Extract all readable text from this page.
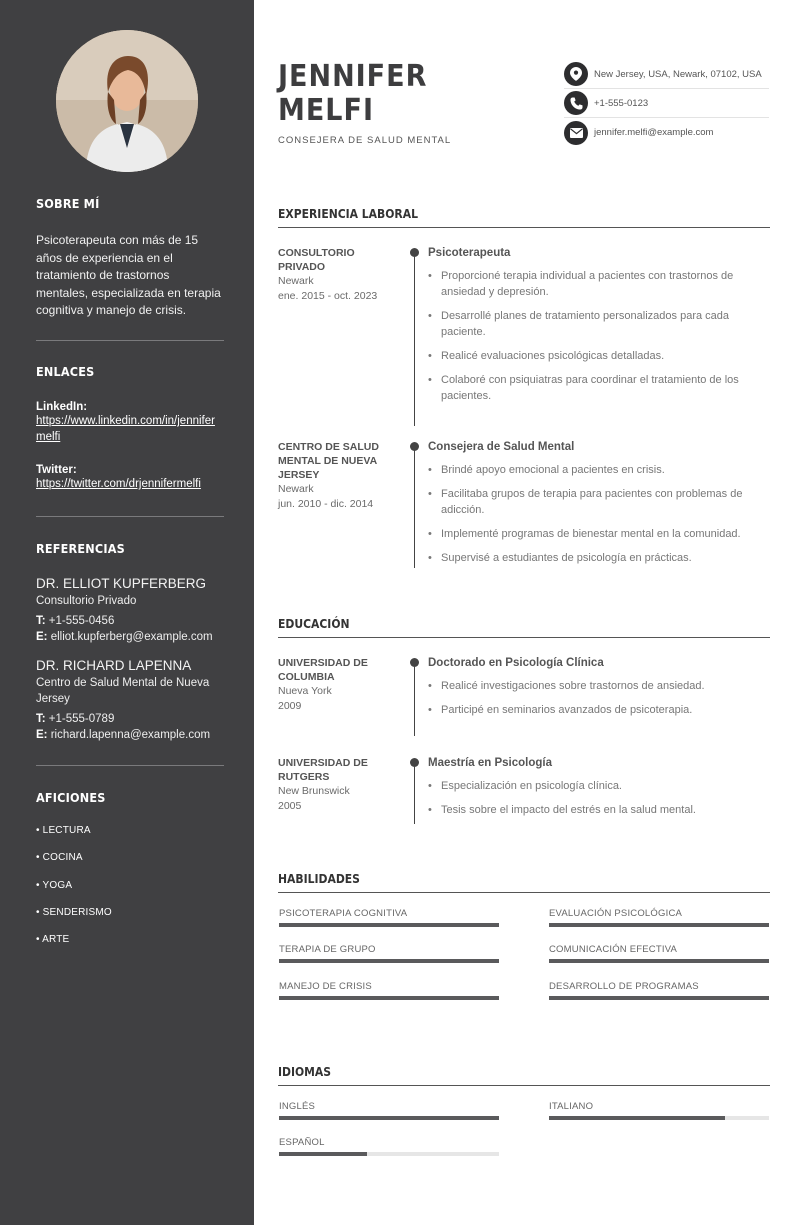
SOBRE MÍ
Psicoterapeuta con más de 15 años de experiencia en el tratamiento de trastornos mentales, especializada en terapia cognitiva y manejo de crisis.
ENLACES
LinkedIn:
https://www.linkedin.com/in/jennifermelfi
Twitter:
https://twitter.com/drjennifermelfi
REFERENCIAS
DR. ELLIOT KUPFERBERG
Consultorio Privado
T: +1-555-0456
E: elliot.kupferberg@example.com
DR. RICHARD LAPENNA
Centro de Salud Mental de Nueva Jersey
T: +1-555-0789
E: richard.lapenna@example.com
AFICIONES
• LECTURA
• COCINA
• YOGA
• SENDERISMO
• ARTE
JENNIFER
MELFI
CONSEJERA DE SALUD MENTAL
New Jersey, USA, Newark, 07102, USA
+1-555-0123
jennifer.melfi@example.com
EXPERIENCIA LABORAL
CONSULTORIO PRIVADO
Newark
ene. 2015 - oct. 2023
Psicoterapeuta
• Proporcioné terapia individual a pacientes con trastornos de ansiedad y depresión.
• Desarrollé planes de tratamiento personalizados para cada paciente.
• Realicé evaluaciones psicológicas detalladas.
• Colaboré con psiquiatras para coordinar el tratamiento de los pacientes.
CENTRO DE SALUD MENTAL DE NUEVA JERSEY
Newark
jun. 2010 - dic. 2014
Consejera de Salud Mental
• Brindé apoyo emocional a pacientes en crisis.
• Facilitaba grupos de terapia para pacientes con problemas de adicción.
• Implementé programas de bienestar mental en la comunidad.
• Supervisé a estudiantes de psicología en prácticas.
EDUCACIÓN
UNIVERSIDAD DE COLUMBIA
Nueva York
2009
Doctorado en Psicología Clínica
• Realicé investigaciones sobre trastornos de ansiedad.
• Participé en seminarios avanzados de psicoterapia.
UNIVERSIDAD DE RUTGERS
New Brunswick
2005
Maestría en Psicología
• Especialización en psicología clínica.
• Tesis sobre el impacto del estrés en la salud mental.
HABILIDADES
PSICOTERAPIA COGNITIVA	EVALUACIÓN PSICOLÓGICA
TERAPIA DE GRUPO	COMUNICACIÓN EFECTIVA
MANEJO DE CRISIS	DESARROLLO DE PROGRAMAS
IDIOMAS
INGLÉS	ITALIANO
ESPAÑOL
